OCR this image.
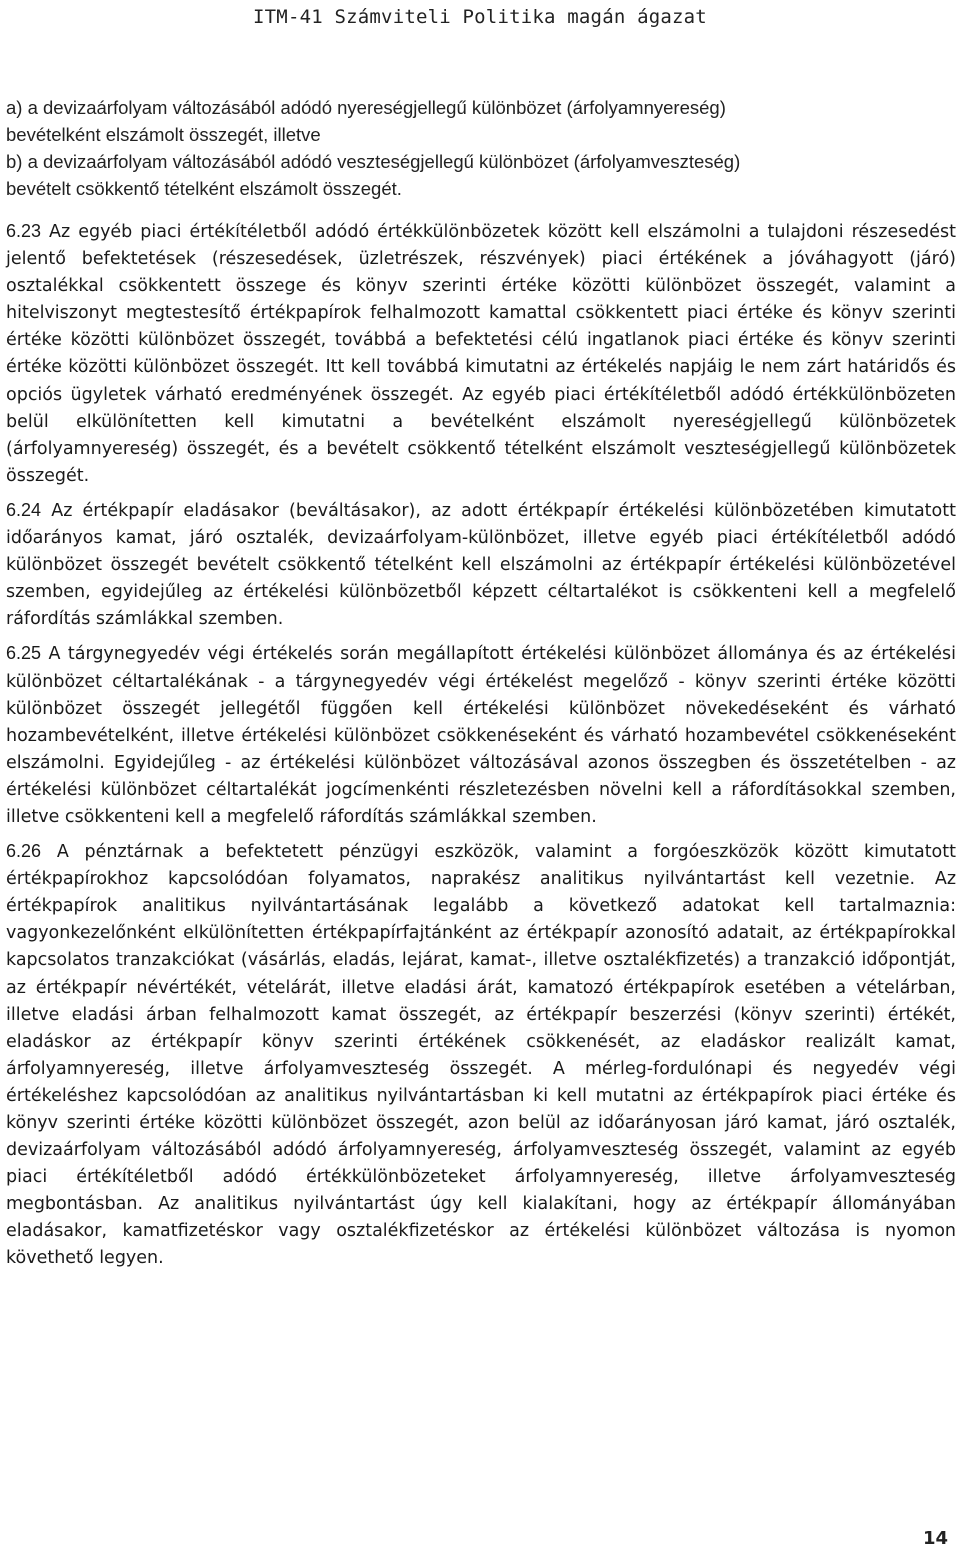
ITM-41 Számviteli Politika magán ágazat

a) a devizaárfolyam változásából adódó nyereségjellegű különbözet (árfolyamnyereség)

bevételként elszámolt összegét, illetve

b) a devizaárfolyam változásából adódó veszteségjellegű különbözet (árfolyamveszteség)

bevételt csökkentő tételként elszámolt összegét.

6.23 Az egyéb piaci értékítéletből adódó értékkülönbözetek között kell elszámolni a tulajdoni részesedést jelentő befektetések (részesedések, üzletrészek, részvények) piaci értékének a jóváhagyott (járó) osztalékkal csökkentett összege és könyv szerinti értéke közötti különbözet összegét, valamint a hitelviszonyt megtestesítő értékpapírok felhalmozott kamattal csökkentett piaci értéke és könyv szerinti értéke közötti különbözet összegét, továbbá a befektetési célú ingatlanok piaci értéke és könyv szerinti értéke közötti különbözet összegét. Itt kell továbbá kimutatni az értékelés napjáig le nem zárt határidős és opciós ügyletek várható eredményének összegét. Az egyéb piaci értékítéletből adódó értékkülönbözeten belül elkülönítetten kell kimutatni a bevételként elszámolt nyereségjellegű különbözetek (árfolyamnyereség) összegét, és a bevételt csökkentő tételként elszámolt veszteségjellegű különbözetek összegét.

6.24 Az értékpapír eladásakor (beváltásakor), az adott értékpapír értékelési különbözetében kimutatott időarányos kamat, járó osztalék, devizaárfolyam-különbözet, illetve egyéb piaci értékítéletből adódó különbözet összegét bevételt csökkentő tételként kell elszámolni az értékpapír értékelési különbözetével szemben, egyidejűleg az értékelési különbözetből képzett céltartalékot is csökkenteni kell a megfelelő ráfordítás számlákkal szemben.

6.25 A tárgynegyedév végi értékelés során megállapított értékelési különbözet állománya és az értékelési különbözet céltartalékának - a tárgynegyedév végi értékelést megelőző - könyv szerinti értéke közötti különbözet összegét jellegétől függően kell értékelési különbözet növekedéseként és várható hozambevételként, illetve értékelési különbözet csökkenéseként és várható hozambevétel csökkenéseként elszámolni. Egyidejűleg - az értékelési különbözet változásával azonos összegben és összetételben - az értékelési különbözet céltartalékát jogcímenkénti részletezésben növelni kell a ráfordításokkal szemben, illetve csökkenteni kell a megfelelő ráfordítás számlákkal szemben.

6.26 A pénztárnak a befektetett pénzügyi eszközök, valamint a forgóeszközök között kimutatott értékpapírokhoz kapcsolódóan folyamatos, naprakész analitikus nyilvántartást kell vezetnie. Az értékpapírok analitikus nyilvántartásának legalább a következő adatokat kell tartalmaznia: vagyonkezelőnként elkülönítetten értékpapírfajtánként az értékpapír azonosító adatait, az értékpapírokkal kapcsolatos tranzakciókat (vásárlás, eladás, lejárat, kamat-, illetve osztalékfizetés) a tranzakció időpontját, az értékpapír névértékét, vételárát, illetve eladási árát, kamatozó értékpapírok esetében a vételárban, illetve eladási árban felhalmozott kamat összegét, az értékpapír beszerzési (könyv szerinti) értékét, eladáskor az értékpapír könyv szerinti értékének csökkenését, az eladáskor realizált kamat, árfolyamnyereség, illetve árfolyamveszteség összegét. A mérleg-fordulónapi és negyedév végi értékeléshez kapcsolódóan az analitikus nyilvántartásban ki kell mutatni az értékpapírok piaci értéke és könyv szerinti értéke közötti különbözet összegét, azon belül az időarányosan járó kamat, járó osztalék, devizaárfolyam változásából adódó árfolyamnyereség, árfolyamveszteség összegét, valamint az egyéb piaci értékítéletből adódó értékkülönbözeteket árfolyamnyereség, illetve árfolyamveszteség megbontásban. Az analitikus nyilvántartást úgy kell kialakítani, hogy az értékpapír állományában eladásakor, kamatfizetéskor vagy osztalékfizetéskor az értékelési különbözet változása is nyomon követhető legyen.

14
